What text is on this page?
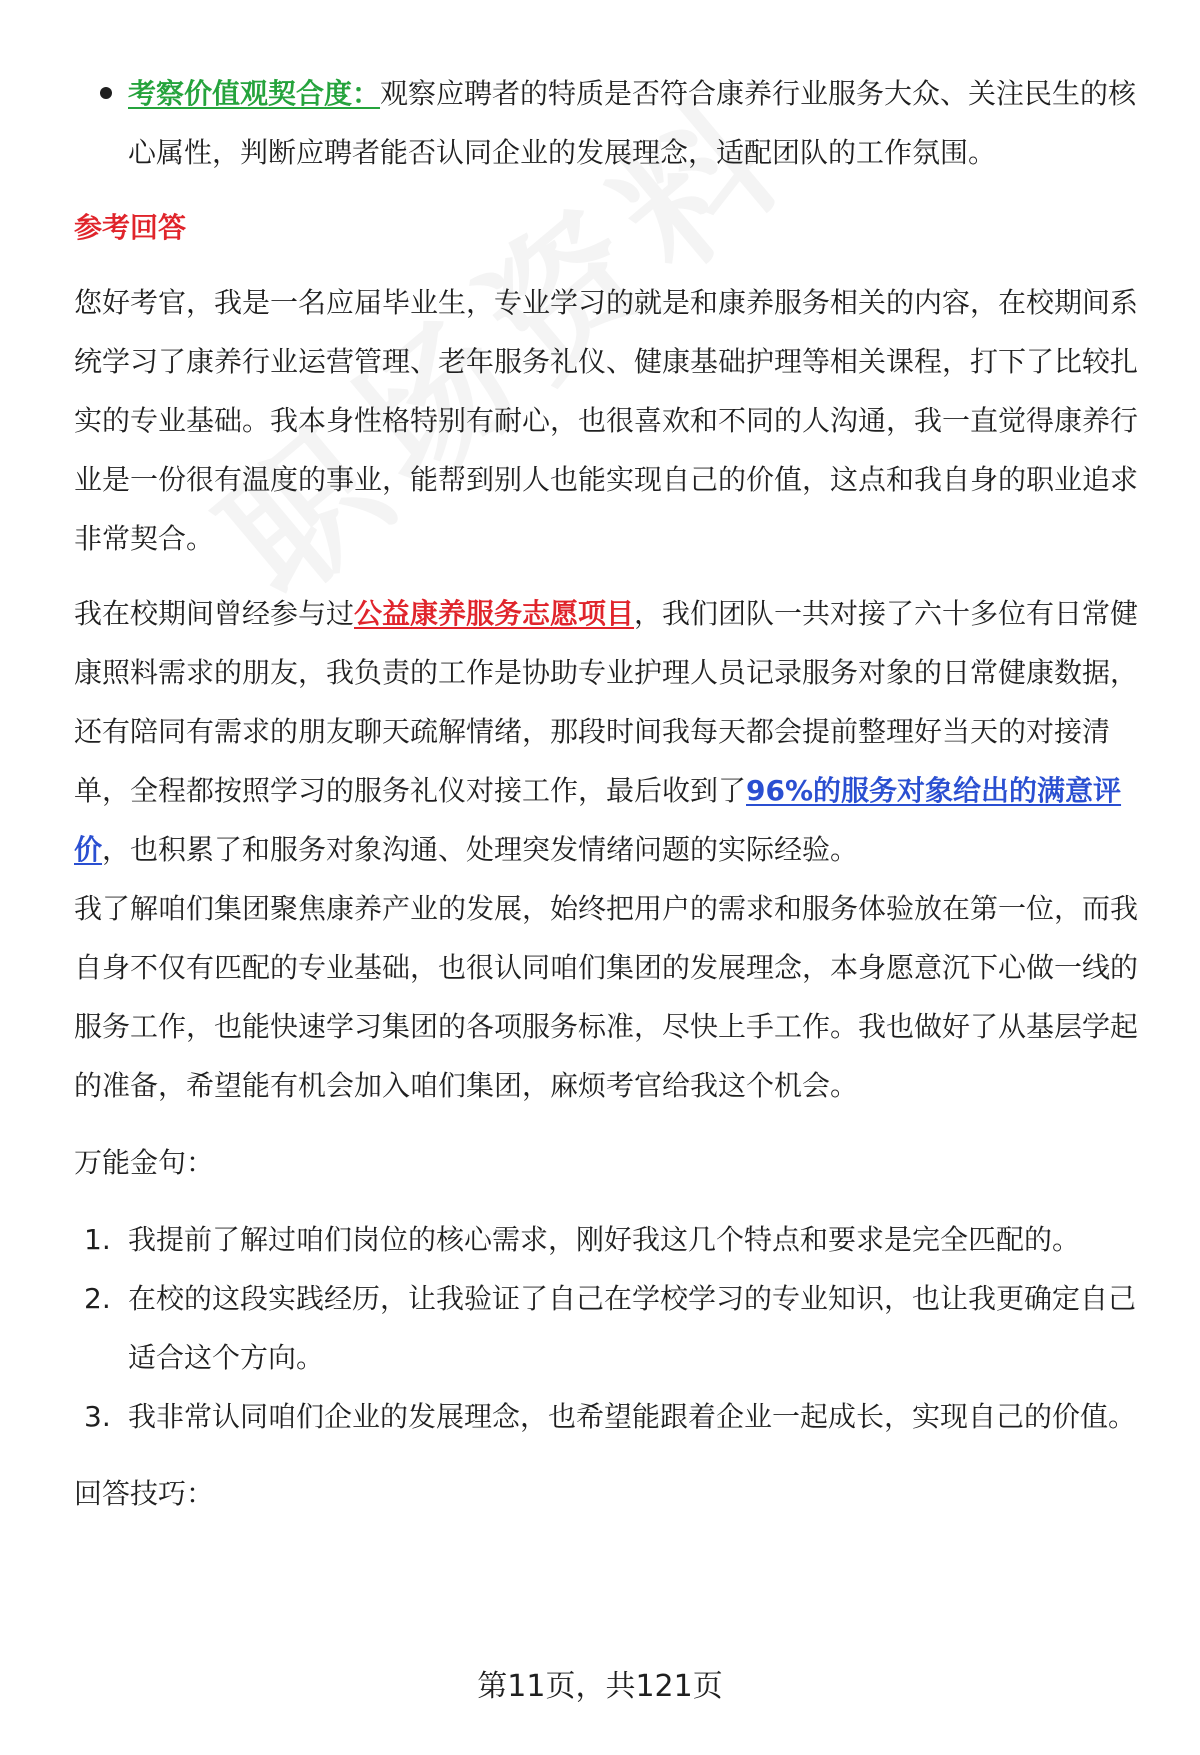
考察价值观契合度：观察应聘者的特质是否符合康养行业服务大众、关注民生的核心属性，判断应聘者能否认同企业的发展理念，适配团队的工作氛围。
参考回答
您好考官，我是一名应届毕业生，专业学习的就是和康养服务相关的内容，在校期间系统学习了康养行业运营管理、老年服务礼仪、健康基础护理等相关课程，打下了比较扎实的专业基础。我本身性格特别有耐心，也很喜欢和不同的人沟通，我一直觉得康养行业是一份很有温度的事业，能帮到别人也能实现自己的价值，这点和我自身的职业追求非常契合。
我在校期间曾经参与过公益康养服务志愿项目，我们团队一共对接了六十多位有日常健康照料需求的朋友，我负责的工作是协助专业护理人员记录服务对象的日常健康数据，还有陪同有需求的朋友聊天疏解情绪，那段时间我每天都会提前整理好当天的对接清单，全程都按照学习的服务礼仪对接工作，最后收到了96%的服务对象给出的满意评价，也积累了和服务对象沟通、处理突发情绪问题的实际经验。
我了解咱们集团聚焦康养产业的发展，始终把用户的需求和服务体验放在第一位，而我自身不仅有匹配的专业基础，也很认同咱们集团的发展理念，本身愿意沉下心做一线的服务工作，也能快速学习集团的各项服务标准，尽快上手工作。我也做好了从基层学起的准备，希望能有机会加入咱们集团，麻烦考官给我这个机会。
万能金句：
1. 我提前了解过咱们岗位的核心需求，刚好我这几个特点和要求是完全匹配的。
2. 在校的这段实践经历，让我验证了自己在学校学习的专业知识，也让我更确定自己适合这个方向。
3. 我非常认同咱们企业的发展理念，也希望能跟着企业一起成长，实现自己的价值。
回答技巧：
第11页，共121页
